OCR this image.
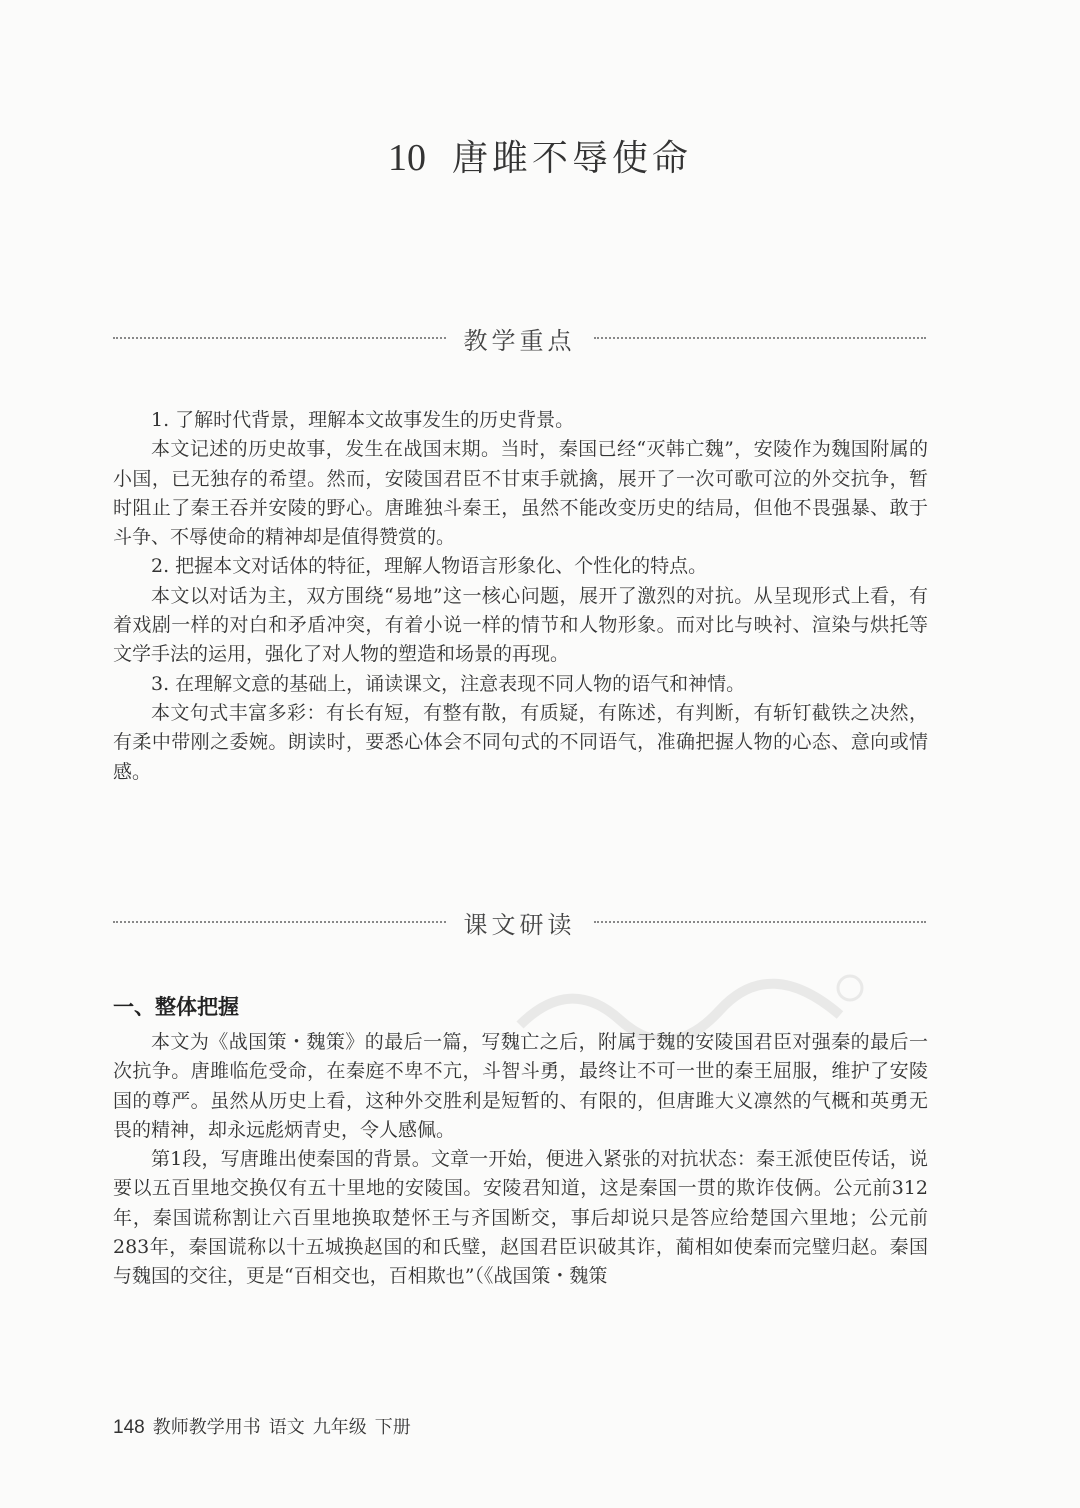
10 唐雎不辱使命
教学重点

1. 了解时代背景，理解本文故事发生的历史背景。

本文记述的历史故事，发生在战国末期。当时，秦国已经“灭韩亡魏”，安陵作为魏国附属的小国，已无独存的希望。然而，安陵国君臣不甘束手就擒，展开了一次可歌可泣的外交抗争，暂时阻止了秦王吞并安陵的野心。唐雎独斗秦王，虽然不能改变历史的结局，但他不畏强暴、敢于斗争、不辱使命的精神却是值得赞赏的。

2. 把握本文对话体的特征，理解人物语言形象化、个性化的特点。

本文以对话为主，双方围绕“易地”这一核心问题，展开了激烈的对抗。从呈现形式上看，有着戏剧一样的对白和矛盾冲突，有着小说一样的情节和人物形象。而对比与映衬、渲染与烘托等文学手法的运用，强化了对人物的塑造和场景的再现。

3. 在理解文意的基础上，诵读课文，注意表现不同人物的语气和神情。

本文句式丰富多彩：有长有短，有整有散，有质疑，有陈述，有判断，有斩钉截铁之决然，有柔中带刚之委婉。朗读时，要悉心体会不同句式的不同语气，准确把握人物的心态、意向或情感。

课文研读
一、整体把握

本文为《战国策・魏策》的最后一篇，写魏亡之后，附属于魏的安陵国君臣对强秦的最后一次抗争。唐雎临危受命，在秦庭不卑不亢，斗智斗勇，最终让不可一世的秦王屈服，维护了安陵国的尊严。虽然从历史上看，这种外交胜利是短暂的、有限的，但唐雎大义凛然的气概和英勇无畏的精神，却永远彪炳青史，令人感佩。

第1段，写唐雎出使秦国的背景。文章一开始，便进入紧张的对抗状态：秦王派使臣传话，说要以五百里地交换仅有五十里地的安陵国。安陵君知道，这是秦国一贯的欺诈伎俩。公元前312年，秦国谎称割让六百里地换取楚怀王与齐国断交，事后却说只是答应给楚国六里地；公元前283年，秦国谎称以十五城换赵国的和氏璧，赵国君臣识破其诈，蔺相如使秦而完璧归赵。秦国与魏国的交往，更是“百相交也，百相欺也”（《战国策・魏策

148 教师教学用书 语文 九年级 下册
